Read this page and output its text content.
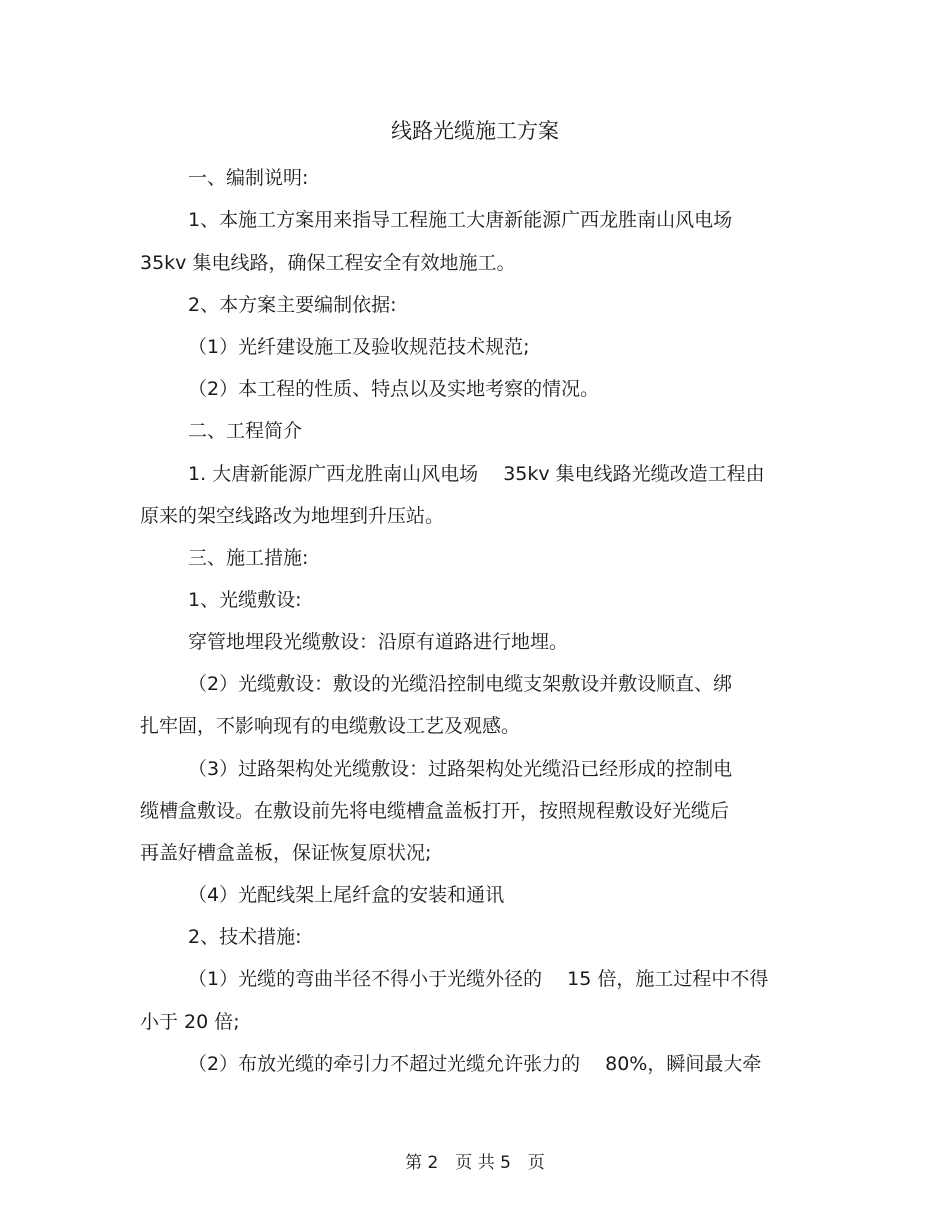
线路光缆施工方案
一、编制说明:
1、本施工方案用来指导工程施工大唐新能源广西龙胜南山风电场
35kv 集电线路，确保工程安全有效地施工。
2、本方案主要编制依据:
（1）光纤建设施工及验收规范技术规范;
（2）本工程的性质、特点以及实地考察的情况。
二、工程简介
1. 大唐新能源广西龙胜南山风电场　 35kv 集电线路光缆改造工程由
原来的架空线路改为地埋到升压站。
三、施工措施:
1、光缆敷设:
穿管地埋段光缆敷设：沿原有道路进行地埋。
（2）光缆敷设：敷设的光缆沿控制电缆支架敷设并敷设顺直、绑
扎牢固，不影响现有的电缆敷设工艺及观感。
（3）过路架构处光缆敷设：过路架构处光缆沿已经形成的控制电
缆槽盒敷设。在敷设前先将电缆槽盒盖板打开，按照规程敷设好光缆后
再盖好槽盒盖板，保证恢复原状况;
（4）光配线架上尾纤盒的安装和通讯
2、技术措施:
（1）光缆的弯曲半径不得小于光缆外径的　 15 倍，施工过程中不得
小于 20 倍;
（2）布放光缆的牵引力不超过光缆允许张力的　 80%，瞬间最大牵
第 2　页 共 5　页
